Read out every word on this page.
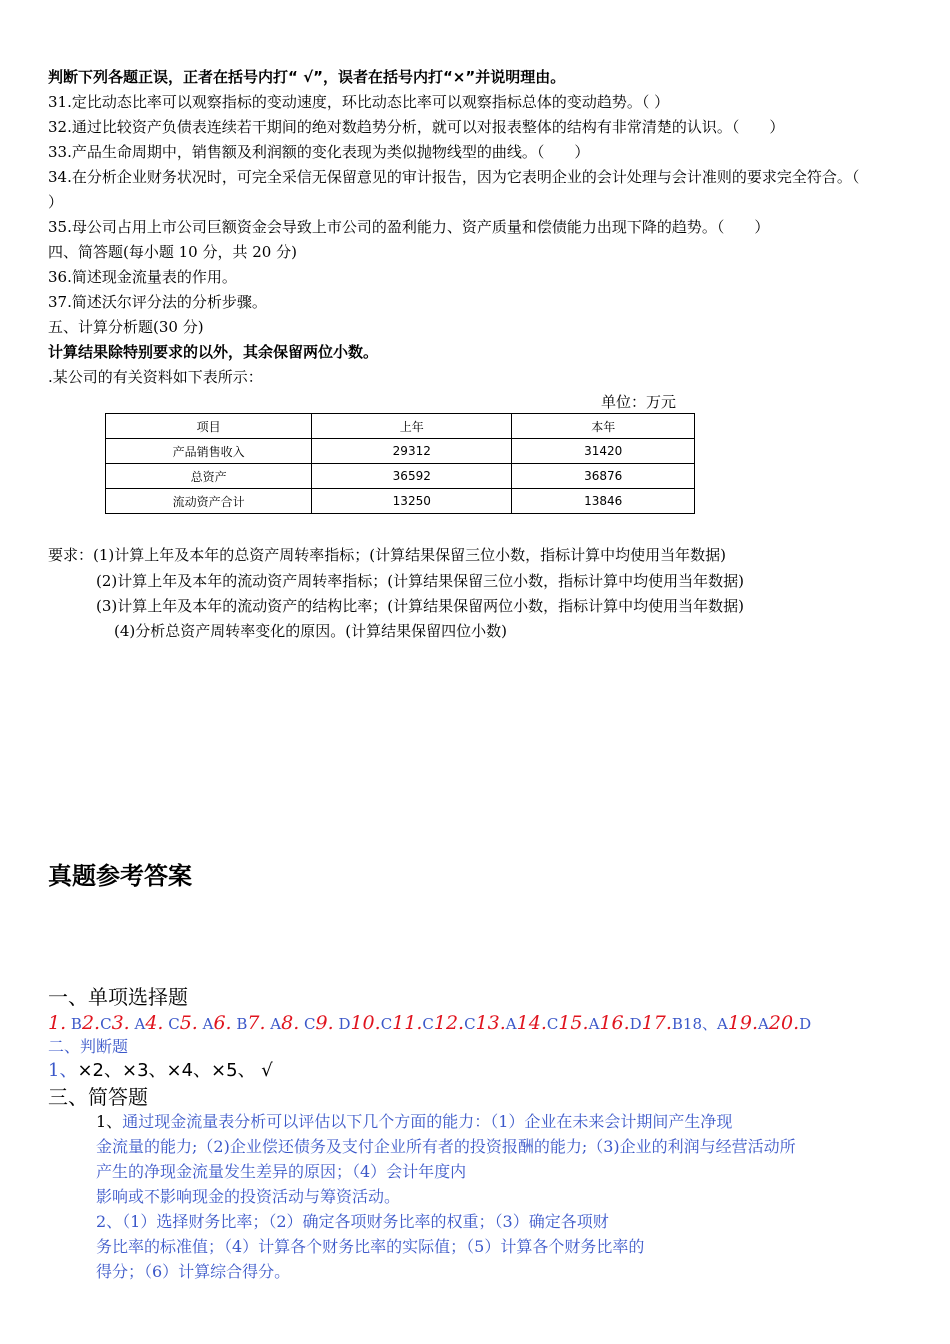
判断下列各题正误，正者在括号内打“ √”，误者在括号内打“×”并说明理由。
31.定比动态比率可以观察指标的变动速度，环比动态比率可以观察指标总体的变动趋势。（ ）
32.通过比较资产负债表连续若干期间的绝对数趋势分析，就可以对报表整体的结构有非常清楚的认识。（　　）
33.产品生命周期中，销售额及利润额的变化表现为类似抛物线型的曲线。（　　）
34.在分析企业财务状况时，可完全采信无保留意见的审计报告，因为它表明企业的会计处理与会计准则的要求完全符合。（
）
35.母公司占用上市公司巨额资金会导致上市公司的盈利能力、资产质量和偿债能力出现下降的趋势。（　　）
四、简答题(每小题 10 分，共 20 分)
36.简述现金流量表的作用。
37.简述沃尔评分法的分析步骤。
五、计算分析题(30 分)
计算结果除特别要求的以外，其余保留两位小数。
.某公司的有关资料如下表所示：
单位：万元
项目	上年	本年
产品销售收入	29312	31420
总资产	36592	36876
流动资产合计	13250	13846
要求：(1)计算上年及本年的总资产周转率指标；(计算结果保留三位小数，指标计算中均使用当年数据)
(2)计算上年及本年的流动资产周转率指标；(计算结果保留三位小数，指标计算中均使用当年数据)
(3)计算上年及本年的流动资产的结构比率；(计算结果保留两位小数，指标计算中均使用当年数据)
(4)分析总资产周转率变化的原因。(计算结果保留四位小数)
真题参考答案
一、单项选择题
1. B2.C3. A4. C5. A6. B7. A8. C9. D10.C11.C12.C13.A14.C15.A16.D17.B18、A19.A20.D
二、判断题
1、×2、×3、×4、×5、 √
三、简答题
1、通过现金流量表分析可以评估以下几个方面的能力：（1）企业在未来会计期间产生净现
金流量的能力;（2)企业偿还债务及支付企业所有者的投资报酬的能力;（3)企业的利润与经营活动所
产生的净现金流量发生差异的原因；（4）会计年度内
影响或不影响现金的投资活动与筹资活动。
2、（1）选择财务比率；（2）确定各项财务比率的权重；（3）确定各项财
务比率的标准值；（4）计算各个财务比率的实际值；（5）计算各个财务比率的
得分；（6）计算综合得分。
